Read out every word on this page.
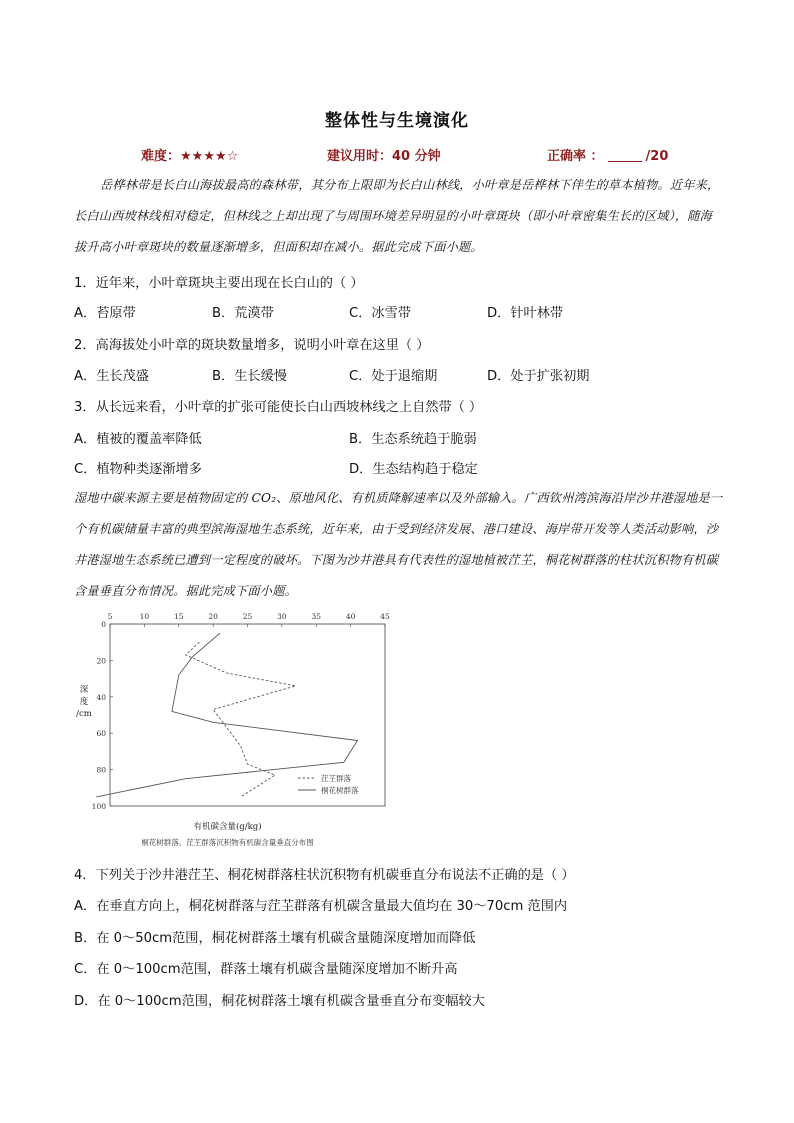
整体性与生境演化
难度：★★★★☆	建议用时：40 分钟	正确率 ：	/20

岳桦林带是长白山海拔最高的森林带，其分布上限即为长白山林线，小叶章是岳桦林下伴生的草本植物。近年来，长白山西坡林线相对稳定，但林线之上却出现了与周围环境差异明显的小叶章斑块（即小叶章密集生长的区域），随海拔升高小叶章斑块的数量逐渐增多，但面积却在减小。据此完成下面小题。

1．近年来，小叶章斑块主要出现在长白山的（ ）
A．苔原带	B．荒漠带	C．冰雪带	D．针叶林带
2．高海拔处小叶章的斑块数量增多，说明小叶章在这里（ ）
A．生长茂盛	B．生长缓慢	C．处于退缩期	D．处于扩张初期
3．从长远来看，小叶章的扩张可能使长白山西坡林线之上自然带（ ）
A．植被的覆盖率降低	B．生态系统趋于脆弱
C．植物种类逐渐增多	D．生态结构趋于稳定

湿地中碳来源主要是植物固定的 CO₂、原地风化、有机质降解速率以及外部输入。广西钦州湾滨海沿岸沙井港湿地是一个有机碳储量丰富的典型滨海湿地生态系统，近年来，由于受到经济发展、港口建设、海岸带开发等人类活动影响，沙井港湿地生态系统已遭到一定程度的破坏。下图为沙井港具有代表性的湿地植被茳芏，桐花树群落的柱状沉积物有机碳含量垂直分布情况。据此完成下面小题。

5	10	15	20	25	30	35	40	45
0
20
40
60
80
100
深
度
/cm
茳芏群落
桐花树群落
有机碳含量(g/kg)
桐花树群落、茳芏群落沉积物有机碳含量垂直分布图
4．下列关于沙井港茳芏、桐花树群落柱状沉积物有机碳垂直分布说法不正确的是（ ）
A．在垂直方向上，桐花树群落与茳芏群落有机碳含量最大值均在 30～70cm 范围内
B．在 0～50cm范围，桐花树群落土壤有机碳含量随深度增加而降低
C．在 0～100cm范围，群落土壤有机碳含量随深度增加不断升高
D．在 0～100cm范围，桐花树群落土壤有机碳含量垂直分布变幅较大
